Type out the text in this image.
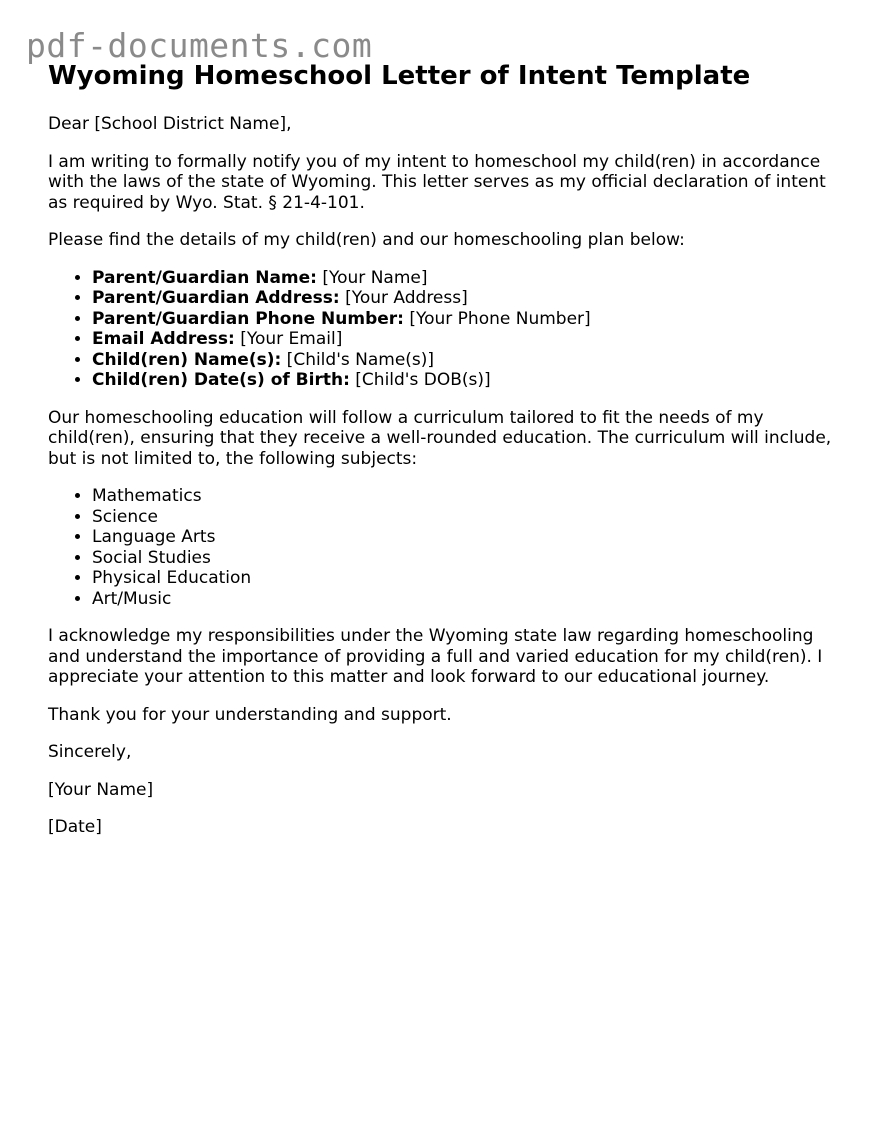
pdf-documents.com
Wyoming Homeschool Letter of Intent Template

Dear [School District Name],

I am writing to formally notify you of my intent to homeschool my child(ren) in accordance with the laws of the state of Wyoming. This letter serves as my official declaration of intent as required by Wyo. Stat. § 21-4-101.

Please find the details of my child(ren) and our homeschooling plan below:

• Parent/Guardian Name: [Your Name]
• Parent/Guardian Address: [Your Address]
• Parent/Guardian Phone Number: [Your Phone Number]
• Email Address: [Your Email]
• Child(ren) Name(s): [Child's Name(s)]
• Child(ren) Date(s) of Birth: [Child's DOB(s)]

Our homeschooling education will follow a curriculum tailored to fit the needs of my child(ren), ensuring that they receive a well-rounded education. The curriculum will include, but is not limited to, the following subjects:

• Mathematics
• Science
• Language Arts
• Social Studies
• Physical Education
• Art/Music

I acknowledge my responsibilities under the Wyoming state law regarding homeschooling and understand the importance of providing a full and varied education for my child(ren). I appreciate your attention to this matter and look forward to our educational journey.

Thank you for your understanding and support.

Sincerely,

[Your Name]

[Date]
